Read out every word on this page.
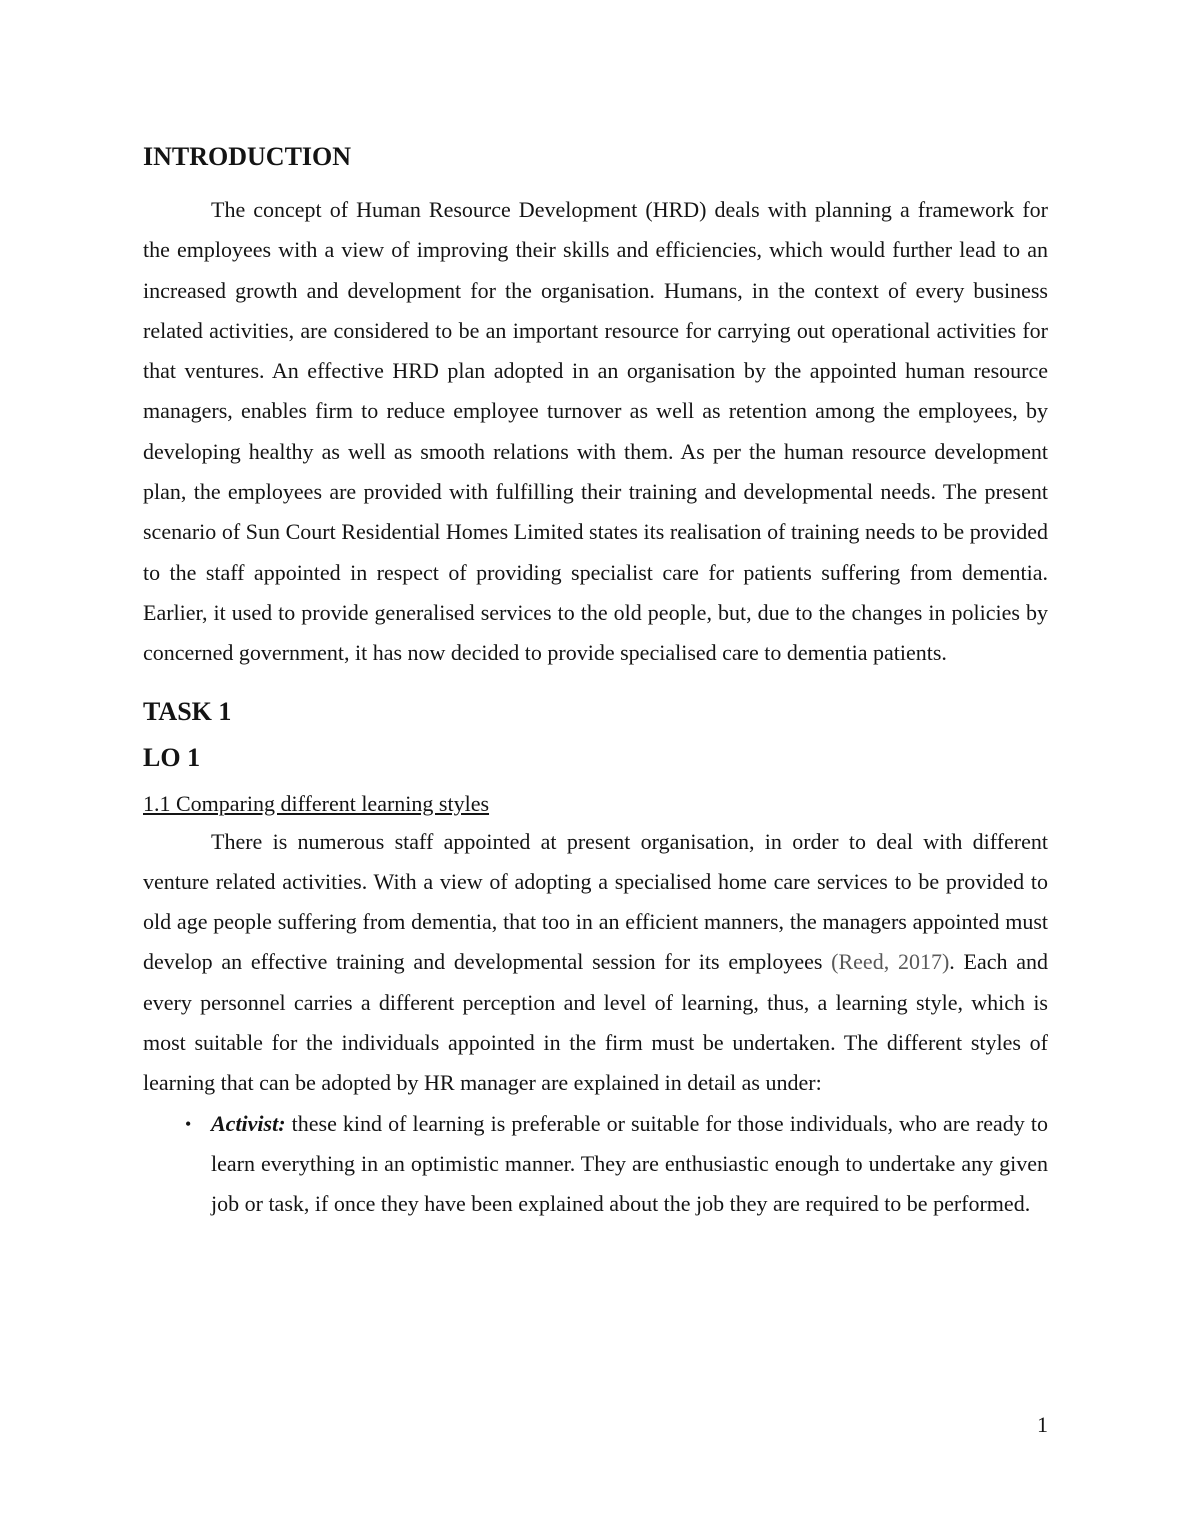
INTRODUCTION

The concept of Human Resource Development (HRD) deals with planning a framework for the employees with a view of improving their skills and efficiencies, which would further lead to an increased growth and development for the organisation. Humans, in the context of every business related activities, are considered to be an important resource for carrying out operational activities for that ventures. An effective HRD plan adopted in an organisation by the appointed human resource managers, enables firm to reduce employee turnover as well as retention among the employees, by developing healthy as well as smooth relations with them. As per the human resource development plan, the employees are provided with fulfilling their training and developmental needs. The present scenario of Sun Court Residential Homes Limited states its realisation of training needs to be provided to the staff appointed in respect of providing specialist care for patients suffering from dementia. Earlier, it used to provide generalised services to the old people, but, due to the changes in policies by concerned government, it has now decided to provide specialised care to dementia patients.

TASK 1
LO 1
1.1 Comparing different learning styles

There is numerous staff appointed at present organisation, in order to deal with different venture related activities. With a view of adopting a specialised home care services to be provided to old age people suffering from dementia, that too in an efficient manners, the managers appointed must develop an effective training and developmental session for its employees (Reed, 2017). Each and every personnel carries a different perception and level of learning, thus, a learning style, which is most suitable for the individuals appointed in the firm must be undertaken. The different styles of learning that can be adopted by HR manager are explained in detail as under:

• Activist: these kind of learning is preferable or suitable for those individuals, who are ready to learn everything in an optimistic manner. They are enthusiastic enough to undertake any given job or task, if once they have been explained about the job they are required to be performed.
1
